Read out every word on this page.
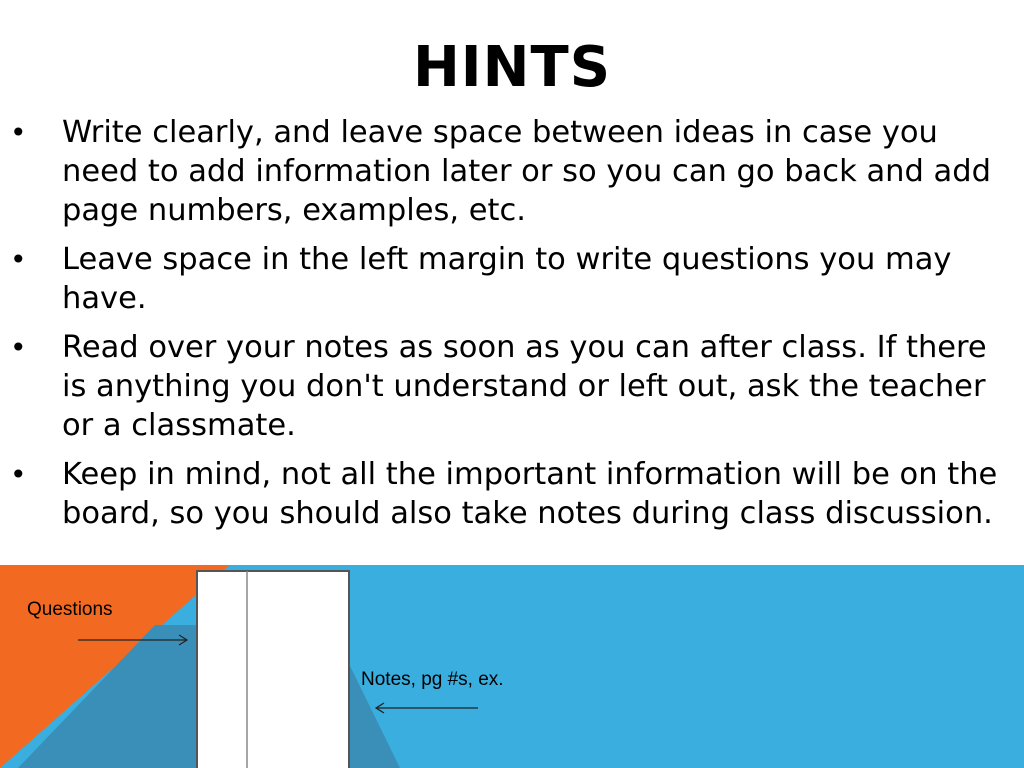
HINTS
• Write clearly, and leave space between ideas in case you need to add information later or so you can go back and add page numbers, examples, etc.
• Leave space in the left margin to write questions you may have.
• Read over your notes as soon as you can after class. If there is anything you don't understand or left out, ask the teacher or a classmate.
• Keep in mind, not all the important information will be on the board, so you should also take notes during class discussion.
Questions
Notes, pg #s, ex.
